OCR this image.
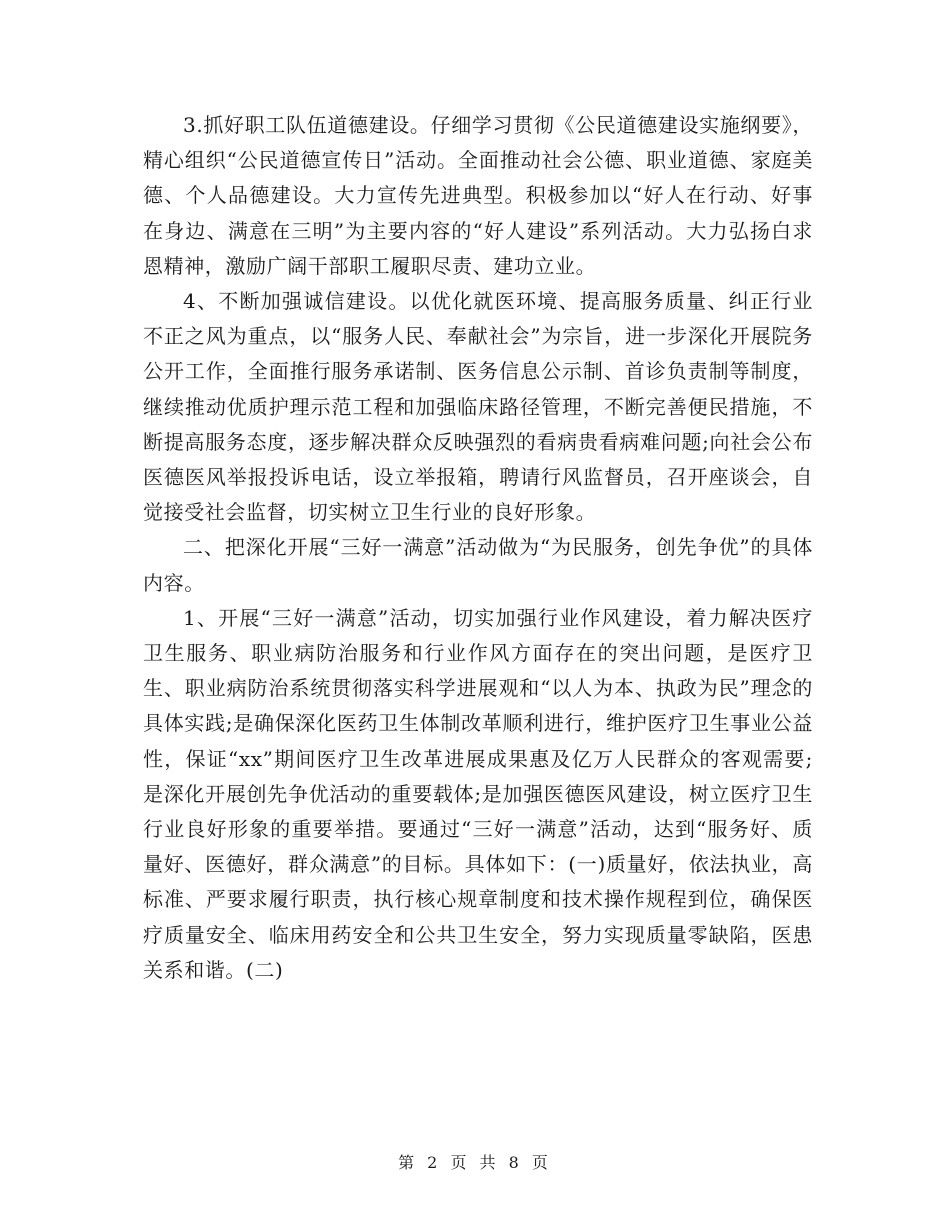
3.抓好职工队伍道德建设。仔细学习贯彻《公民道德建设实施纲要》，精心组织“公民道德宣传日”活动。全面推动社会公德、职业道德、家庭美德、个人品德建设。大力宣传先进典型。积极参加以“好人在行动、好事在身边、满意在三明”为主要内容的“好人建设”系列活动。大力弘扬白求恩精神，激励广阔干部职工履职尽责、建功立业。

4、不断加强诚信建设。以优化就医环境、提高服务质量、纠正行业不正之风为重点，以“服务人民、奉献社会”为宗旨，进一步深化开展院务公开工作，全面推行服务承诺制、医务信息公示制、首诊负责制等制度，继续推动优质护理示范工程和加强临床路径管理，不断完善便民措施，不断提高服务态度，逐步解决群众反映强烈的看病贵看病难问题;向社会公布医德医风举报投诉电话，设立举报箱，聘请行风监督员，召开座谈会，自觉接受社会监督，切实树立卫生行业的良好形象。

二、把深化开展“三好一满意”活动做为“为民服务，创先争优”的具体内容。

1、开展“三好一满意”活动，切实加强行业作风建设，着力解决医疗卫生服务、职业病防治服务和行业作风方面存在的突出问题，是医疗卫生、职业病防治系统贯彻落实科学进展观和“以人为本、执政为民”理念的具体实践;是确保深化医药卫生体制改革顺利进行，维护医疗卫生事业公益性，保证“xx”期间医疗卫生改革进展成果惠及亿万人民群众的客观需要;是深化开展创先争优活动的重要载体;是加强医德医风建设，树立医疗卫生行业良好形象的重要举措。要通过“三好一满意”活动，达到“服务好、质量好、医德好，群众满意”的目标。具体如下：(一)质量好，依法执业，高标准、严要求履行职责，执行核心规章制度和技术操作规程到位，确保医疗质量安全、临床用药安全和公共卫生安全，努力实现质量零缺陷，医患关系和谐。(二)

第 2 页 共 8 页
